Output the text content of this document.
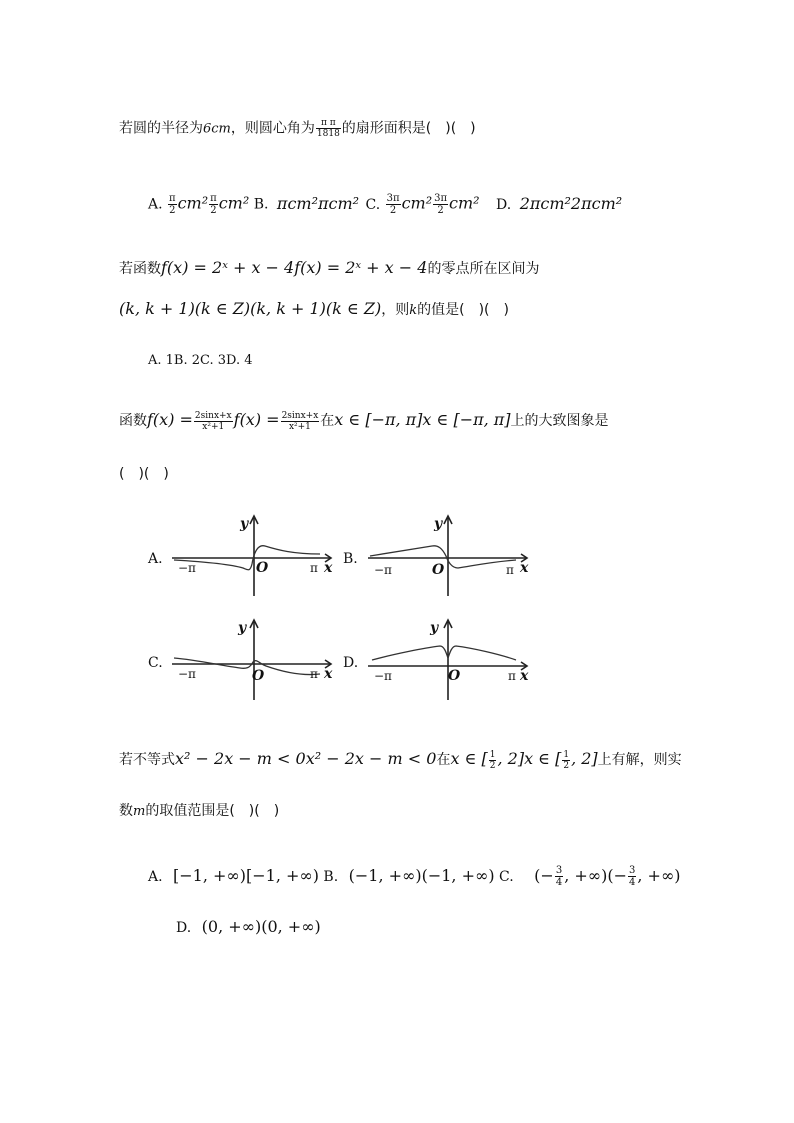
若圆的半径为6cm，则圆心角为 $\frac{\text{π π}}{1818}$ 的扇形面积是(　)(　)
A. $\frac{\pi}{2} cm^2 \frac{\pi}{2} cm^2$ B. πcm²πcm² C. $\frac{3\pi}{2} cm^2 \frac{3\pi}{2} cm^2$ D. 2πcm²2πcm²
若函数f(x) = 2ˣ + x − 4f(x) = 2ˣ + x − 4的零点所在区间为
(k, k + 1)(k ∈ Z)(k, k + 1)(k ∈ Z)，则k的值是(　)(　)
A. 1B. 2C. 3D. 4
函数$f(x) = \frac{2\sin x+x}{\text{x²+1}} f(x) = \frac{2\sin x+x}{\text{x²+1}}$ 在x ∈ [−π, π]x ∈ [−π, π]上的大致图象是
(　)(　)
A.
y
x
O
−π	π
B.
y
x
O
−π	π
C.
y
x
O
−π	π
D.
y
x
O
−π	π
若不等式x² − 2x − m < 0x² − 2x − m < 0在x ∈ [ $\frac{1}{2}$ , 2]x ∈ [ $\frac{1}{2}$ , 2]上有解，则实
数m的取值范围是(　)(　)
A. [−1, +∞)[−1, +∞) B. (−1, +∞)(−1, +∞) C. (− $\frac{3}{4}$ , +∞)(− $\frac{3}{4}$ , +∞)
D. (0, +∞)(0, +∞)
